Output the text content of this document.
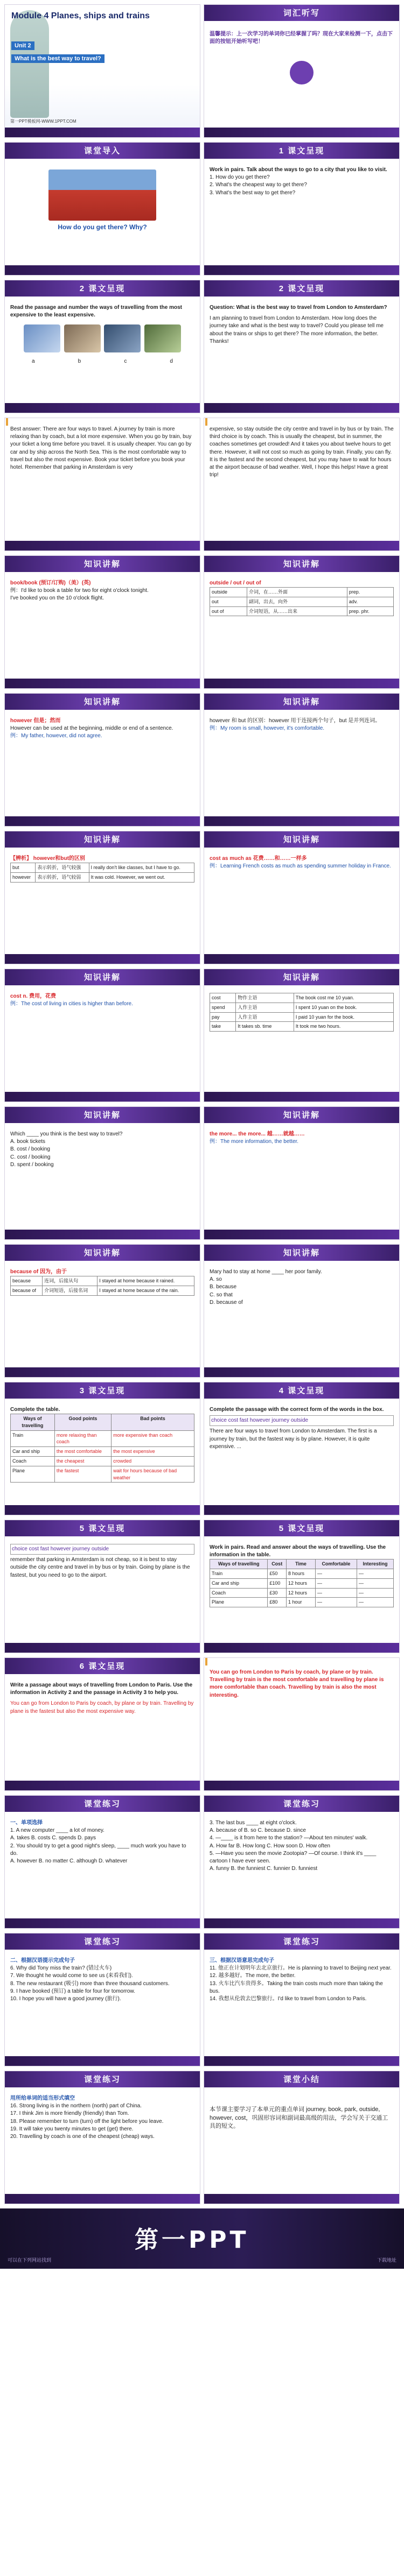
Module 4 Planes, ships and trains
Unit 2
What is the best way to travel?
第一PPT模板网-WWW.1PPT.COM
词汇听写
温馨提示：上一次学习的单词你已经掌握了吗？现在大家来检测一下，点击下面的按钮开始听写吧！
课堂导入
How do you get there? Why?
1 课文呈现
Work in pairs. Talk about the ways to go to a city that you like to visit.
1. How do you get there?
2. What's the cheapest way to get there?
3. What's the best way to get there?
2 课文呈现
Read the passage and number the ways of travelling from the most expensive to the least expensive.

a	b	c	d
2 课文呈现
Question: What is the best way to travel from London to Amsterdam?
I am planning to travel from London to Amsterdam. How long does the journey take and what is the best way to travel? Could you please tell me about the trains or ships to get there? The more information, the better. Thanks!
Best answer: There are four ways to travel. A journey by train is more relaxing than by coach, but a lot more expensive. When you go by train, buy your ticket a long time before you travel. It is usually cheaper. You can go by car and by ship across the North Sea. This is the most comfortable way to travel but also the most expensive. Book your ticket before you book your hotel. Remember that parking in Amsterdam is very
expensive, so stay outside the city centre and travel in by bus or by train. The third choice is by coach. This is usually the cheapest, but in summer, the coaches sometimes get crowded! And it takes you about twelve hours to get there. However, it will not cost so much as going by train. Finally, you can fly. It is the fastest and the second cheapest, but you may have to wait for hours at the airport because of bad weather. Well, I hope this helps! Have a great trip!
知识讲解
book/book (预订/订购)（美）(英)
例：I'd like to book a table for two for eight o'clock tonight.
I've booked you on the 10 o'clock flight.
知识讲解
outside / out / out of
outside	介词，在……外面	prep.
out	副词，出去，向外	adv.
out of	介词短语，从……出来	prep. phr.
知识讲解
however 但是；然而
However can be used at the beginning, middle or end of a sentence.
例：My father, however, did not agree.
知识讲解
however 和 but 的区别：however 用于连接两个句子，but 是并列连词。
例：My room is small, however, it's comfortable.
知识讲解
【辨析】 however和but的区别
but	表示转折，语气较强	I really don't like classes, but I have to go.
however	表示转折，语气较弱	It was cold. However, we went out.
知识讲解
cost as much as 花费……和……一样多
例：Learning French costs as much as spending summer holiday in France.
知识讲解
cost n. 费用，花费
例：The cost of living in cities is higher than before.
知识讲解
cost	物作主语	The book cost me 10 yuan.
spend	人作主语	I spent 10 yuan on the book.
pay	人作主语	I paid 10 yuan for the book.
take	It takes sb. time	It took me two hours.
知识讲解
Which ____ you think is the best way to travel?
A. book tickets
B. cost / booking
C. cost / booking
D. spent / booking
知识讲解
the more... the more... 越……就越……
例：The more information, the better.
知识讲解
because of 因为，由于
because	连词，后接从句	I stayed at home because it rained.
because of	介词短语，后接名词	I stayed at home because of the rain.
知识讲解
Mary had to stay at home ____ her poor family.
A. so
B. because
C. so that
D. because of
3 课文呈现
Complete the table.
Ways of travelling	Good points	Bad points
Train	more relaxing than coach	more expensive than coach
Car and ship	the most comfortable	the most expensive
Coach	the cheapest	crowded
Plane	the fastest	wait for hours because of bad weather
4 课文呈现
Complete the passage with the correct form of the words in the box.
choice cost fast however journey outside
There are four ways to travel from London to Amsterdam. The first is a journey by train, but the fastest way is by plane. However, it is quite expensive. ...
5 课文呈现
choice cost fast however journey outside
remember that parking in Amsterdam is not cheap, so it is best to stay outside the city centre and travel in by bus or by train. Going by plane is the fastest, but you need to go to the airport.
5 课文呈现
Work in pairs. Read and answer about the ways of travelling. Use the information in the table.
Ways of travelling	Cost	Time	Comfortable	Interesting
Train	£50	8 hours	—	—
Car and ship	£100	12 hours	—	—
Coach	£30	12 hours	—	—
Plane	£80	1 hour	—	—
6 课文呈现
Write a passage about ways of travelling from London to Paris. Use the information in Activity 2 and the passage in Activity 3 to help you.
You can go from London to Paris by coach, by plane or by train. Travelling by plane is the fastest but also the most expensive way.
You can go from London to Paris by coach, by plane or by train. Travelling by train is the most comfortable and travelling by plane is more comfortable than coach. Travelling by train is also the most interesting.
课堂练习
一、单项选择
1. A new computer ____ a lot of money.
A. takes B. costs C. spends D. pays
2. You should try to get a good night's sleep, ____ much work you have to do.
A. however B. no matter C. although D. whatever
课堂练习
3. The last bus ____ at eight o'clock.
A. because of B. so C. because D. since
4. —____ is it from here to the station? —About ten minutes' walk.
A. How far B. How long C. How soon D. How often
5. —Have you seen the movie Zootopia? —Of course. I think it's ____ cartoon I have ever seen.
A. funny B. the funniest C. funnier D. funniest
课堂练习
二、根据汉语提示完成句子
6. Why did Tony miss the train? (错过火车)
7. We thought he would come to see us (来看我们).
8. The new restaurant (吸引) more than three thousand customers.
9. I have booked (预订) a table for four for tomorrow.
10. I hope you will have a good journey (旅行).
课堂练习
三、根据汉语意思完成句子
11. 他正在计划明年去北京旅行。He is planning to travel to Beijing next year.
12. 越多越好。The more, the better.
13. 火车比汽车贵得多。Taking the train costs much more than taking the bus.
14. 我想从伦敦去巴黎旅行。I'd like to travel from London to Paris.
课堂练习
用所给单词的适当形式填空
16. Strong living is in the northern (north) part of China.
17. I think Jim is more friendly (friendly) than Tom.
18. Please remember to turn (turn) off the light before you leave.
19. It will take you twenty minutes to get (get) there.
20. Travelling by coach is one of the cheapest (cheap) ways.
课堂小结
本节课主要学习了本单元的重点单词 journey, book, park, outside, however, cost，巩固形容词和副词最高级的用法，学会写关于交通工具的短文。
第一PPT
可以在下列网站找到	下载地址
